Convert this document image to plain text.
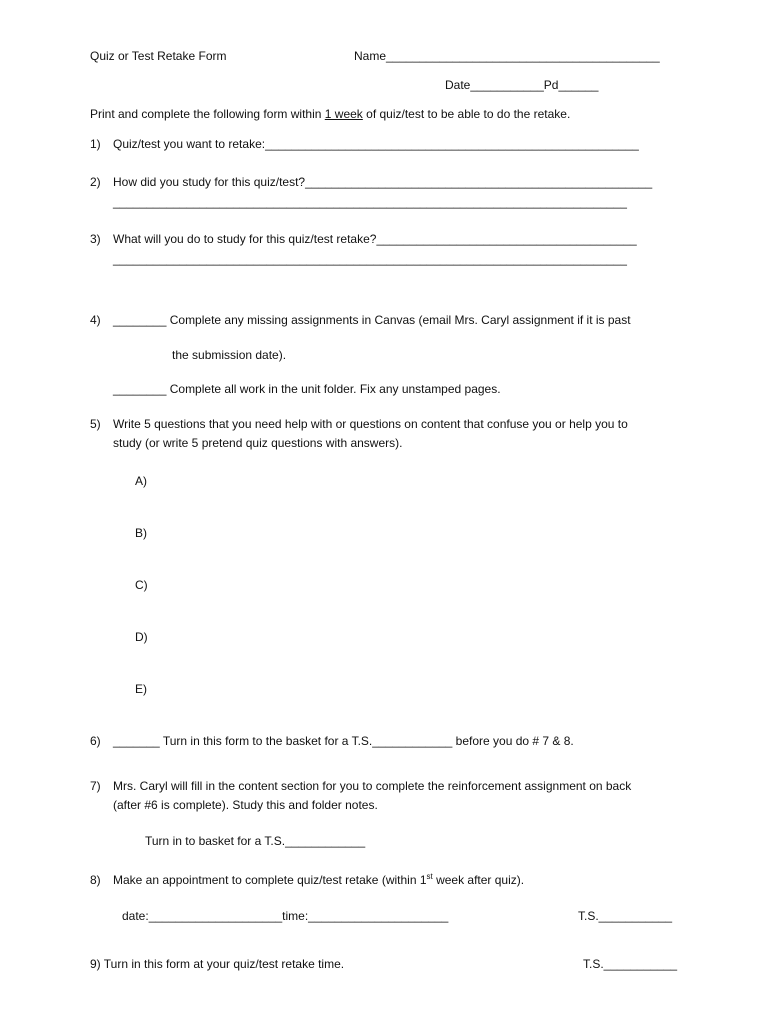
Quiz or Test Retake Form	Name_________________________________________
Date___________Pd______
Print and complete the following form within 1 week of quiz/test to be able to do the retake.
1) Quiz/test you want to retake:________________________________________________________
2) How did you study for this quiz/test?____________________________________________________
_____________________________________________________________________________
3) What will you do to study for this quiz/test retake?_______________________________________
_____________________________________________________________________________
4) ________ Complete any missing assignments in Canvas (email Mrs. Caryl assignment if it is past
the submission date).
________ Complete all work in the unit folder. Fix any unstamped pages.
5) Write 5 questions that you need help with or questions on content that confuse you or help you to
study (or write 5 pretend quiz questions with answers).
A)
B)
C)
D)
E)
6) _______ Turn in this form to the basket for a T.S.____________ before you do # 7 & 8.
7) Mrs. Caryl will fill in the content section for you to complete the reinforcement assignment on back
(after #6 is complete). Study this and folder notes.
Turn in to basket for a T.S.____________
8) Make an appointment to complete quiz/test retake (within 1st week after quiz).
date:____________________time:_____________________	T.S.___________
9) Turn in this form at your quiz/test retake time.	T.S.___________
